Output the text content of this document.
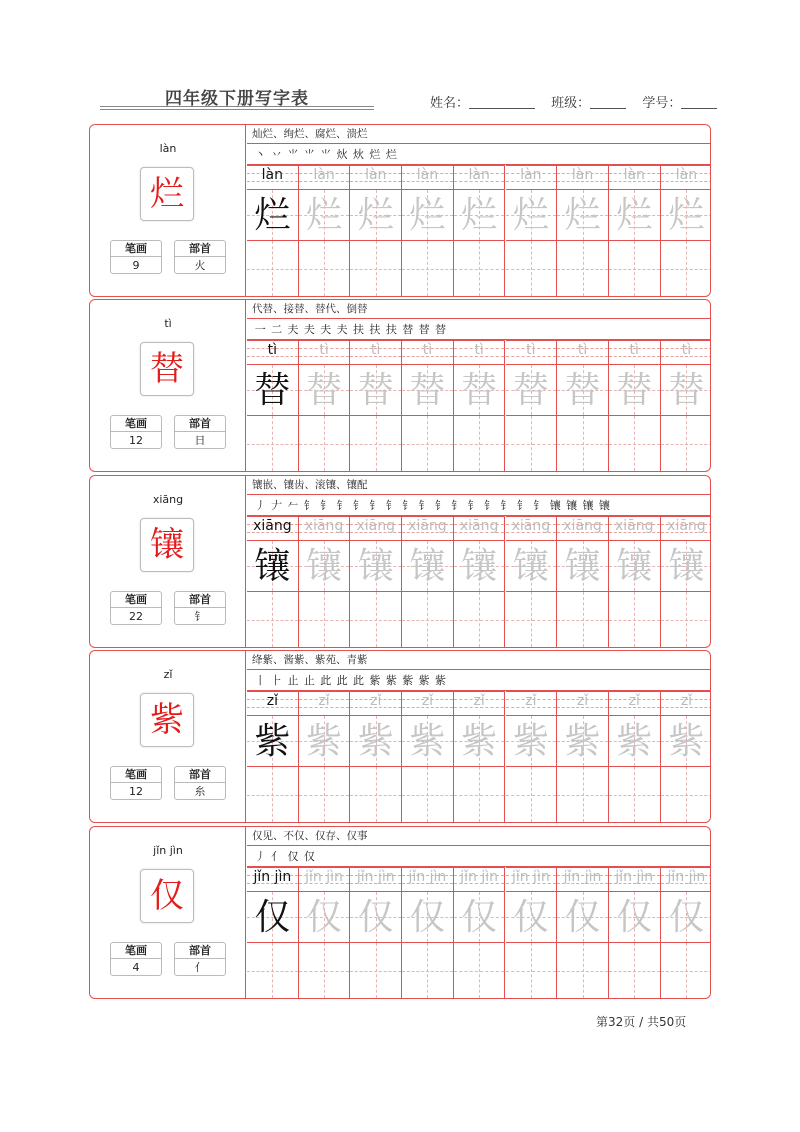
四年级下册写字表	姓名：	班级：	学号：
làn
烂
笔画
9
部首
火
灿烂、绚烂、腐烂、溃烂
丶 丷 ⺌ ⺌ ⺌ 炏 炏 烂 烂
làn
烂
làn
烂
làn
烂
làn
烂
làn
烂
làn
烂
làn
烂
làn
烂
làn
烂
tì
替
笔画
12
部首
日
代替、接替、替代、倒替
一 二 夫 夫 夫 夫 扶 扶 扶 替 替 替
tì
替
tì
替
tì
替
tì
替
tì
替
tì
替
tì
替
tì
替
tì
替
xiāng
镶
笔画
22
部首
钅
镶嵌、镶齿、滚镶、镶配
丿 𠂇 𠂉 钅 钅 钅 钅 钅 钅 钅 钅 钅 钅 钅 钅 钅 钅 钅 镶 镶 镶 镶
xiāng
镶
xiāng
镶
xiāng
镶
xiāng
镶
xiāng
镶
xiāng
镶
xiāng
镶
xiāng
镶
xiāng
镶
zǐ
紫
笔画
12
部首
糸
绛紫、酱紫、紫苑、青紫
丨 ⺊ 止 止 此 此 此 紫 紫 紫 紫 紫
zǐ
紫
zǐ
紫
zǐ
紫
zǐ
紫
zǐ
紫
zǐ
紫
zǐ
紫
zǐ
紫
zǐ
紫
jǐn jìn
仅
笔画
4
部首
亻
仅见、不仅、仅存、仅事
丿 亻 仅 仅
jǐn jìn
仅
jǐn jìn
仅
jǐn jìn
仅
jǐn jìn
仅
jǐn jìn
仅
jǐn jìn
仅
jǐn jìn
仅
jǐn jìn
仅
jǐn jìn
仅
第32页 / 共50页
